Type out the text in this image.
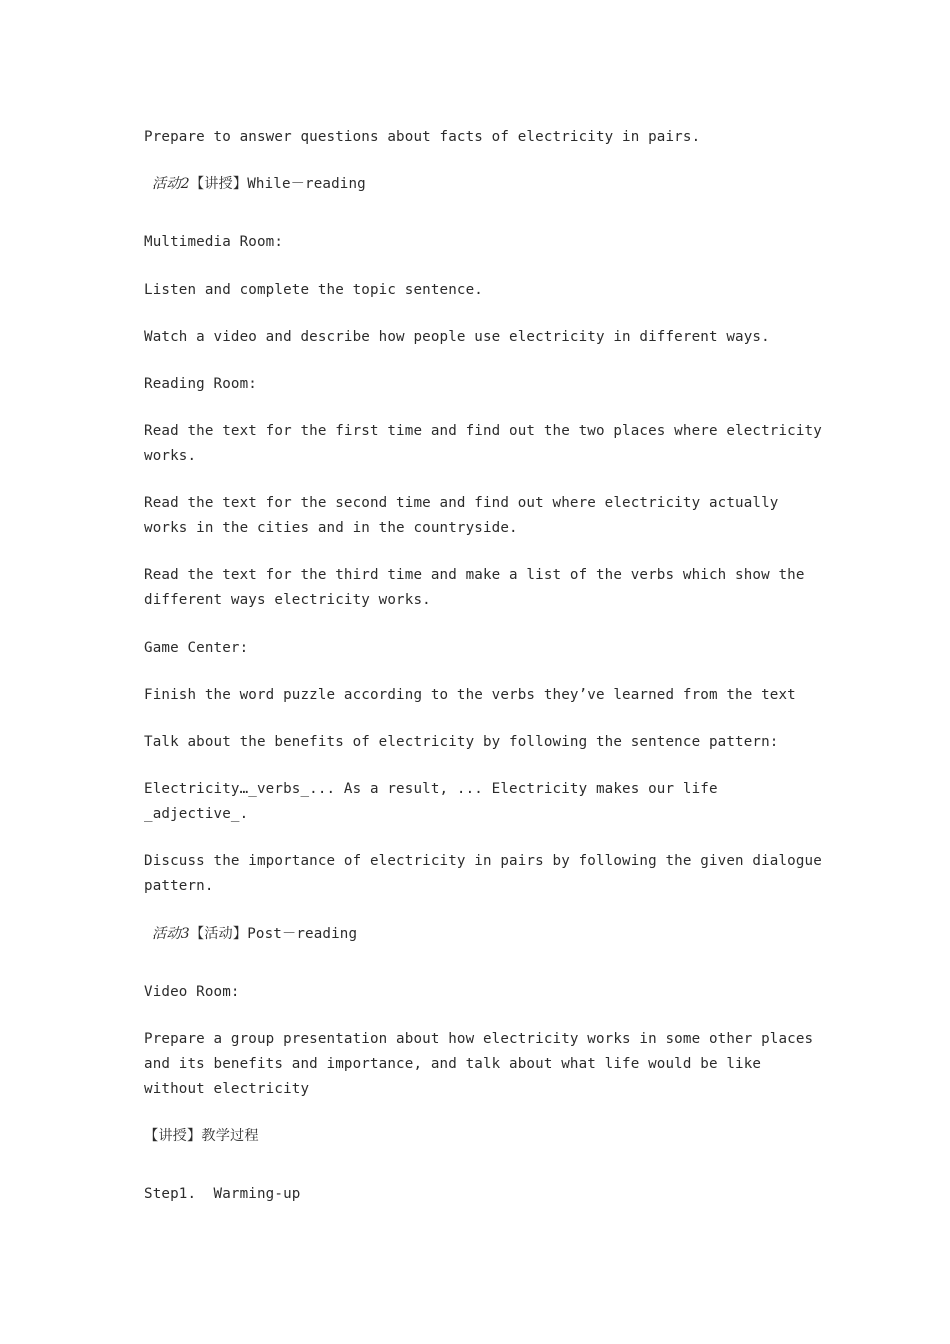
Prepare to answer questions about facts of electricity in pairs.
活动2【讲授】While－reading
Multimedia Room:
Listen and complete the topic sentence.
Watch a video and describe how people use electricity in different ways.
Reading Room:
Read the text for the first time and find out the two places where electricity works.
Read the text for the second time and find out where electricity actually works in the cities and in the countryside.
Read the text for the third time and make a list of the verbs which show the different ways electricity works.
Game Center:
Finish the word puzzle according to the verbs they’ve learned from the text
Talk about the benefits of electricity by following the sentence pattern:
Electricity…_verbs_... As a result, ... Electricity makes our life _adjective_.
Discuss the importance of electricity in pairs by following the given dialogue pattern.
活动3【活动】Post－reading
Video Room:
Prepare a group presentation about how electricity works in some other places and its benefits and importance, and talk about what life would be like without electricity
【讲授】教学过程
Step1.  Warming-up
